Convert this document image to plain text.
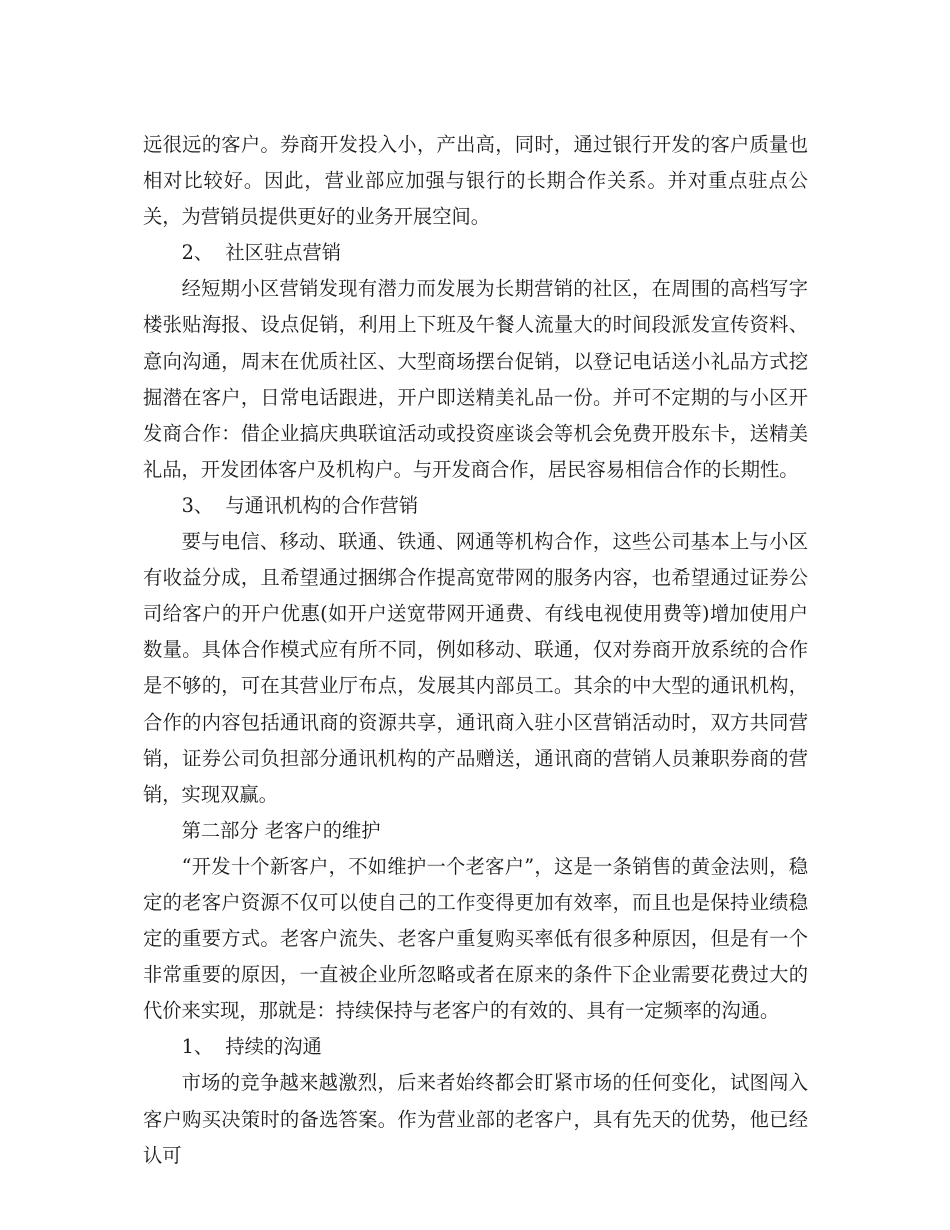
远很远的客户。券商开发投入小，产出高，同时，通过银行开发的客户质量也相对比较好。因此，营业部应加强与银行的长期合作关系。并对重点驻点公关，为营销员提供更好的业务开展空间。

2、  社区驻点营销

经短期小区营销发现有潜力而发展为长期营销的社区，在周围的高档写字楼张贴海报、设点促销，利用上下班及午餐人流量大的时间段派发宣传资料、意向沟通，周末在优质社区、大型商场摆台促销，以登记电话送小礼品方式挖掘潜在客户，日常电话跟进，开户即送精美礼品一份。并可不定期的与小区开发商合作：借企业搞庆典联谊活动或投资座谈会等机会免费开股东卡，送精美礼品，开发团体客户及机构户。与开发商合作，居民容易相信合作的长期性。

3、  与通讯机构的合作营销

要与电信、移动、联通、铁通、网通等机构合作，这些公司基本上与小区有收益分成，且希望通过捆绑合作提高宽带网的服务内容，也希望通过证券公司给客户的开户优惠(如开户送宽带网开通费、有线电视使用费等)增加使用户数量。具体合作模式应有所不同，例如移动、联通，仅对券商开放系统的合作是不够的，可在其营业厅布点，发展其内部员工。其余的中大型的通讯机构，合作的内容包括通讯商的资源共享，通讯商入驻小区营销活动时，双方共同营销，证券公司负担部分通讯机构的产品赠送，通讯商的营销人员兼职券商的营销，实现双赢。

第二部分 老客户的维护

“开发十个新客户，不如维护一个老客户”，这是一条销售的黄金法则，稳定的老客户资源不仅可以使自己的工作变得更加有效率，而且也是保持业绩稳定的重要方式。老客户流失、老客户重复购买率低有很多种原因，但是有一个非常重要的原因，一直被企业所忽略或者在原来的条件下企业需要花费过大的代价来实现，那就是：持续保持与老客户的有效的、具有一定频率的沟通。

1、  持续的沟通

市场的竞争越来越激烈，后来者始终都会盯紧市场的任何变化，试图闯入客户购买决策时的备选答案。作为营业部的老客户，具有先天的优势，他已经认可
